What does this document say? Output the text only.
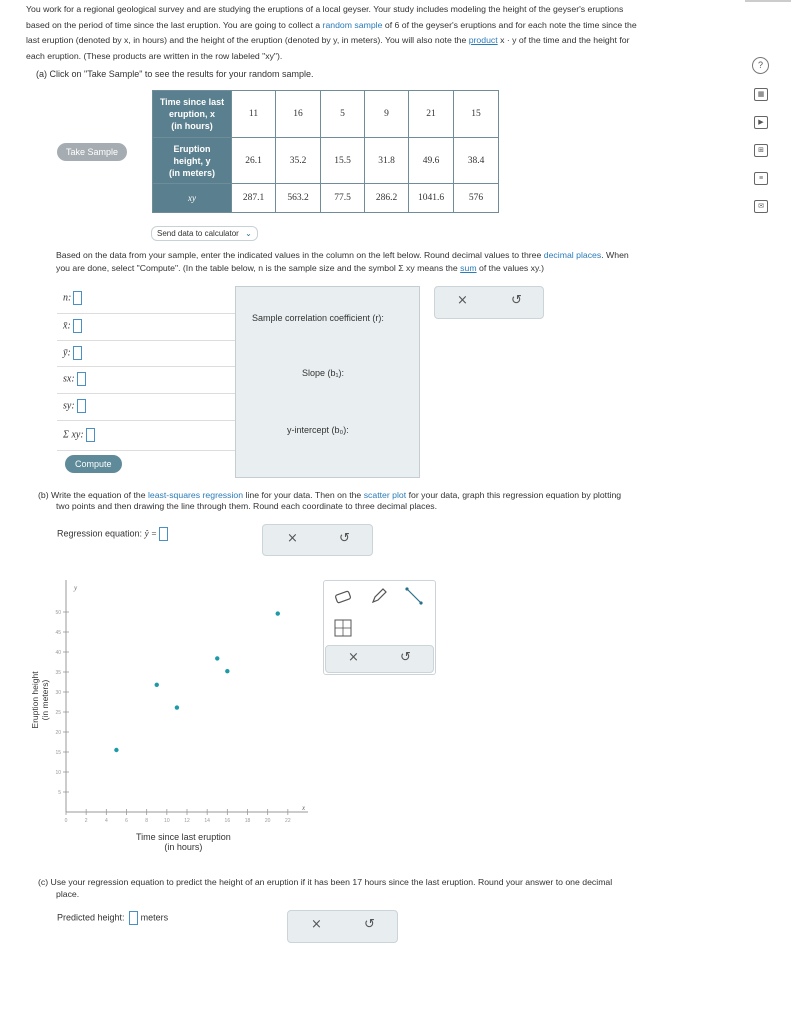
You work for a regional geological survey and are studying the eruptions of a local geyser. Your study includes modeling the height of the geyser's eruptions
based on the period of time since the last eruption. You are going to collect a random sample of 6 of the geyser's eruptions and for each note the time since the
last eruption (denoted by x, in hours) and the height of the eruption (denoted by y, in meters). You will also note the product x · y of the time and the height for
each eruption. (These products are written in the row labeled "xy").
(a) Click on "Take Sample" to see the results for your random sample.
Take Sample
Time since last
eruption, x
(in hours)	11	16	5	9	21	15

Eruption
height, y
(in meters)	26.1	35.2	15.5	31.8	49.6	38.4
xy	287.1	563.2	77.5	286.2	1041.6	576
Send data to calculator ⌄
Based on the data from your sample, enter the indicated values in the column on the left below. Round decimal values to three decimal places. When
you are done, select "Compute". (In the table below, n is the sample size and the symbol Σ xy means the sum of the values xy.)
n:
x̄:
ȳ:
sx:
sy:
Σ xy:
Compute
Sample correlation coefficient (r):
Slope (b₁):
y-intercept (b₀):
×	↺
(b) Write the equation of the least-squares regression line for your data. Then on the scatter plot for your data, graph this regression equation by plotting
two points and then drawing the line through them. Round each coordinate to three decimal places.
Regression equation: ŷ =	×	↺
Eruption height
(in meters)
y
x
0	2	4	6	8	10	12	14	16	18	20	22
5
10
15
20
25
30
35
40
45
50
Time since last eruption
(in hours)
×	↺
(c) Use your regression equation to predict the height of an eruption if it has been 17 hours since the last eruption. Round your answer to one decimal
place.
Predicted height: meters	×	↺
?
▦
▶
⊞
≡
✉
